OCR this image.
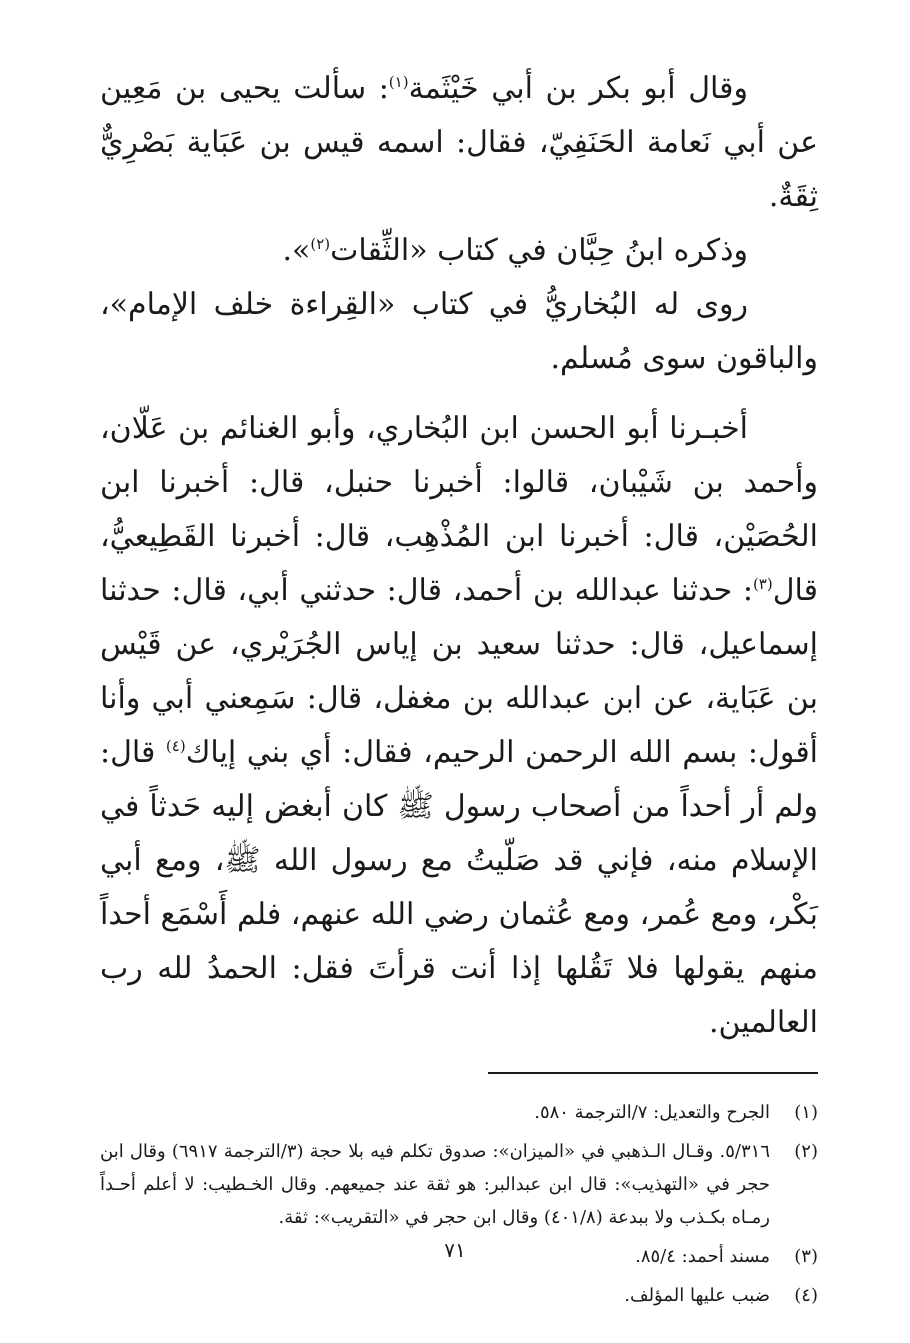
وقال أبو بكر بن أبي خَيْثَمة$^{(١)}$: سألت يحيى بن مَعِين عن أبي نَعامة الحَنَفِيّ، فقال: اسمه قيس بن عَبَاية بَصْرِيٌّ ثِقَةٌ.

وذكره ابنُ حِبَّان في كتاب «الثِّقات$^{(٢)}$».

روى له البُخاريُّ في كتاب «القِراءة خلف الإمام»، والباقون سوى مُسلم.

أخبـرنا أبو الحسن ابن البُخاري، وأبو الغنائم بن عَلّان، وأحمد بن شَيْبان، قالوا: أخبرنا حنبل، قال: أخبرنا ابن الحُصَيْن، قال: أخبرنا ابن المُذْهِب، قال: أخبرنا القَطِيعيُّ، قال$^{(٣)}$: حدثنا عبدالله بن أحمد، قال: حدثني أبي، قال: حدثنا إسماعيل، قال: حدثنا سعيد بن إياس الجُرَيْري، عن قَيْس بن عَبَاية، عن ابن عبدالله بن مغفل، قال: سَمِعني أبي وأنا أقول: بسم الله الرحمن الرحيم، فقال: أي بني إياك$^{(٤)}$ قال: ولم أر أحداً من أصحاب رسول ﷺ كان أبغض إليه حَدثاً في الإسلام منه، فإني قد صَلّيتُ مع رسول الله ﷺ، ومع أبي بَكْر، ومع عُمر، ومع عُثمان رضي الله عنهم، فلم أَسْمَع أحداً منهم يقولها فلا تَقُلها إذا أنت قرأتَ فقل: الحمدُ لله رب العالمين.

(١)
الجرح والتعديل: ٧/الترجمة ٥٨٠.
(٢)
٥/٣١٦. وقـال الـذهبي في «الميزان»: صدوق تكلم فيه بلا حجة (٣/الترجمة ٦٩١٧) وقال ابن حجر في «التهذيب»: قال ابن عبدالبر: هو ثقة عند جميعهم. وقال الخـطيب: لا أعلم أحـداً رمـاه بكـذب ولا ببدعة (٤٠١/٨) وقال ابن حجر في «التقريب»: ثقة.
(٣)
مسند أحمد: ٨٥/٤.
(٤)
ضبب عليها المؤلف.
٧١
